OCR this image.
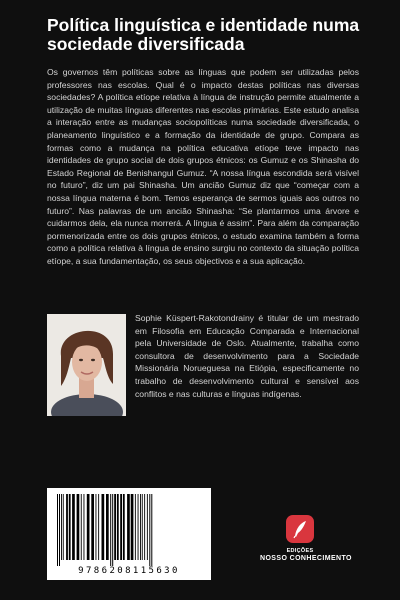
Política linguística e identidade numa sociedade diversificada

Os governos têm políticas sobre as línguas que podem ser utilizadas pelos professores nas escolas. Qual é o impacto destas políticas nas diversas sociedades? A política etíope relativa à língua de instrução permite atualmente a utilização de muitas línguas diferentes nas escolas primárias. Este estudo analisa a interação entre as mudanças sociopolíticas numa sociedade diversificada, o planeamento linguístico e a formação da identidade de grupo. Compara as formas como a mudança na política educativa etíope teve impacto nas identidades de grupo social de dois grupos étnicos: os Gumuz e os Shinasha do Estado Regional de Benishangul Gumuz. “A nossa língua escondida será visível no futuro”, diz um pai Shinasha. Um ancião Gumuz diz que “começar com a nossa língua materna é bom. Temos esperança de sermos iguais aos outros no futuro”. Nas palavras de um ancião Shinasha: “Se plantarmos uma árvore e cuidarmos dela, ela nunca morrerá. A língua é assim”. Para além da comparação pormenorizada entre os dois grupos étnicos, o estudo examina também a forma como a política relativa à língua de ensino surgiu no contexto da situação política etíope, a sua fundamentação, os seus objectivos e a sua aplicação.

Sophie Küspert-Rakotondrainy é titular de um mestrado em Filosofia em Educação Comparada e Internacional pela Universidade de Oslo. Atualmente, trabalha como consultora de desenvolvimento para a Sociedade Missionária Norueguesa na Etiópia, especificamente no trabalho de desenvolvimento cultural e sensível aos conflitos e nas culturas e línguas indígenas.

9786208115630
EDIÇÕES
NOSSO CONHECIMENTO
